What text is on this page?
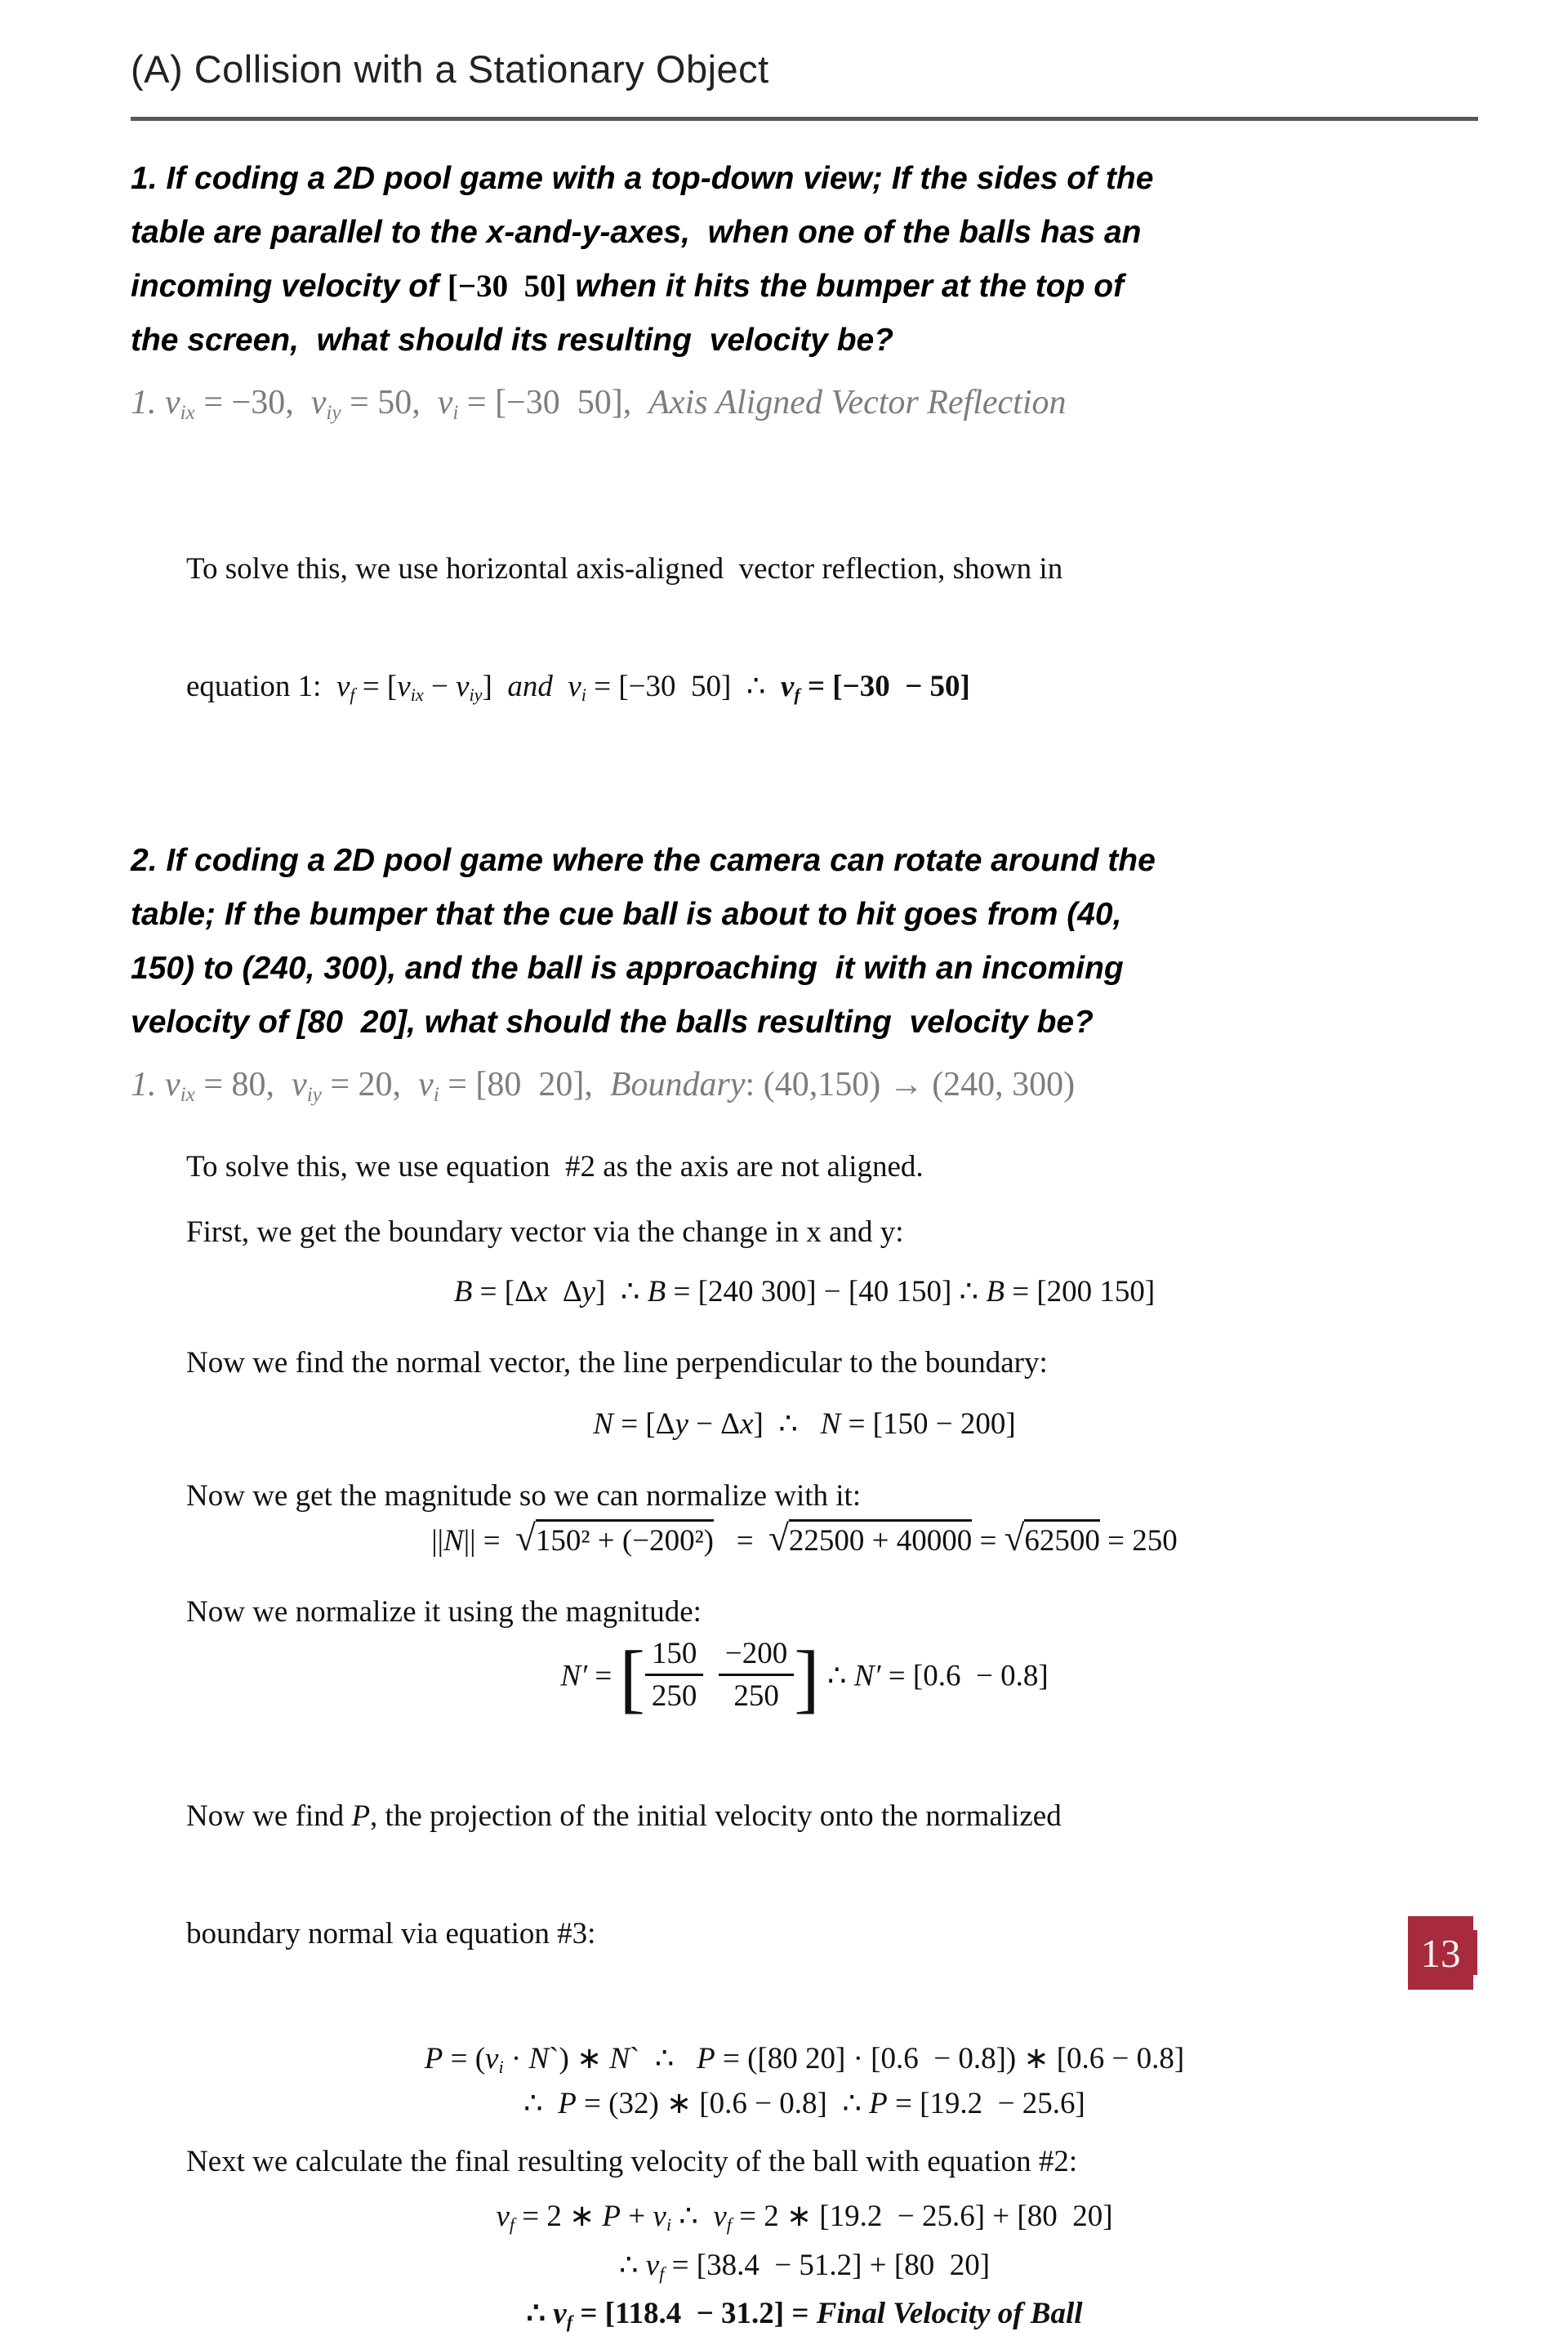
(A) Collision with a Stationary Object
1. If coding a 2D pool game with a top-down view; If the sides of the
table are parallel to the x-and-y-axes,  when one of the balls has an
incoming velocity of [−30  50] when it hits the bumper at the top of
the screen,  what should its resulting  velocity be?
1. $v_{ix} = -30$,  $v_{iy} = 50$,  $v_i = [-30$  50],  Axis Aligned Vector Reflection

To solve this, we use horizontal axis-aligned  vector reflection, shown in

equation 1:  $v_f = [v_{ix} - v_{iy}]$  and $v_i = [-30$  50]  ∴  $v_f = [-30 - 50]$

2. If coding a 2D pool game where the camera can rotate around the
table; If the bumper that the cue ball is about to hit goes from (40,
150) to (240, 300), and the ball is approaching  it with an incoming
velocity of [80  20], what should the balls resulting  velocity be?
1. $v_{ix} = 80$,  $v_{iy} = 20$,  $v_i = [80$  20],  Boundary: (40,150) → (240, 300)
To solve this, we use equation  #2 as the axis are not aligned.
First, we get the boundary vector via the change in x and y:
B = [Δx  Δy]  ∴ B = [240 300] − [40 150] ∴ B = [200 150]
Now we find the normal vector, the line perpendicular to the boundary:
N = [Δy − Δx]  ∴   N = [150 − 200]
Now we get the magnitude so we can normalize with it:
||N|| =  √150² + (−200²)   =  √22500 + 40000 = √62500 = 250
Now we normalize it using the magnitude:
N′ = [ $\frac{150}{250}$
$\frac{-200}{250}$ ] ∴ N′ = [0.6  − 0.8]

Now we find P, the projection of the initial velocity onto the normalized

boundary normal via equation #3:

$P = (v_i$ · N`) ∗ N`  ∴   P = ([80 20] · [0.6  − 0.8]) ∗ [0.6 − 0.8]
∴  P = (32) ∗ [0.6 − 0.8]  ∴ P = [19.2  − 25.6]
Next we calculate the final resulting velocity of the ball with equation #2:
$v_f = 2$ ∗ $P + v_i$ ∴  $v_f = 2$ ∗ [19.2  − 25.6] + [80  20]
∴ $v_f = [38.4 - 51.2] + [80$  20]
∴ $v_f = [118.4 - 31.2]$ = Final Velocity of Ball
13
